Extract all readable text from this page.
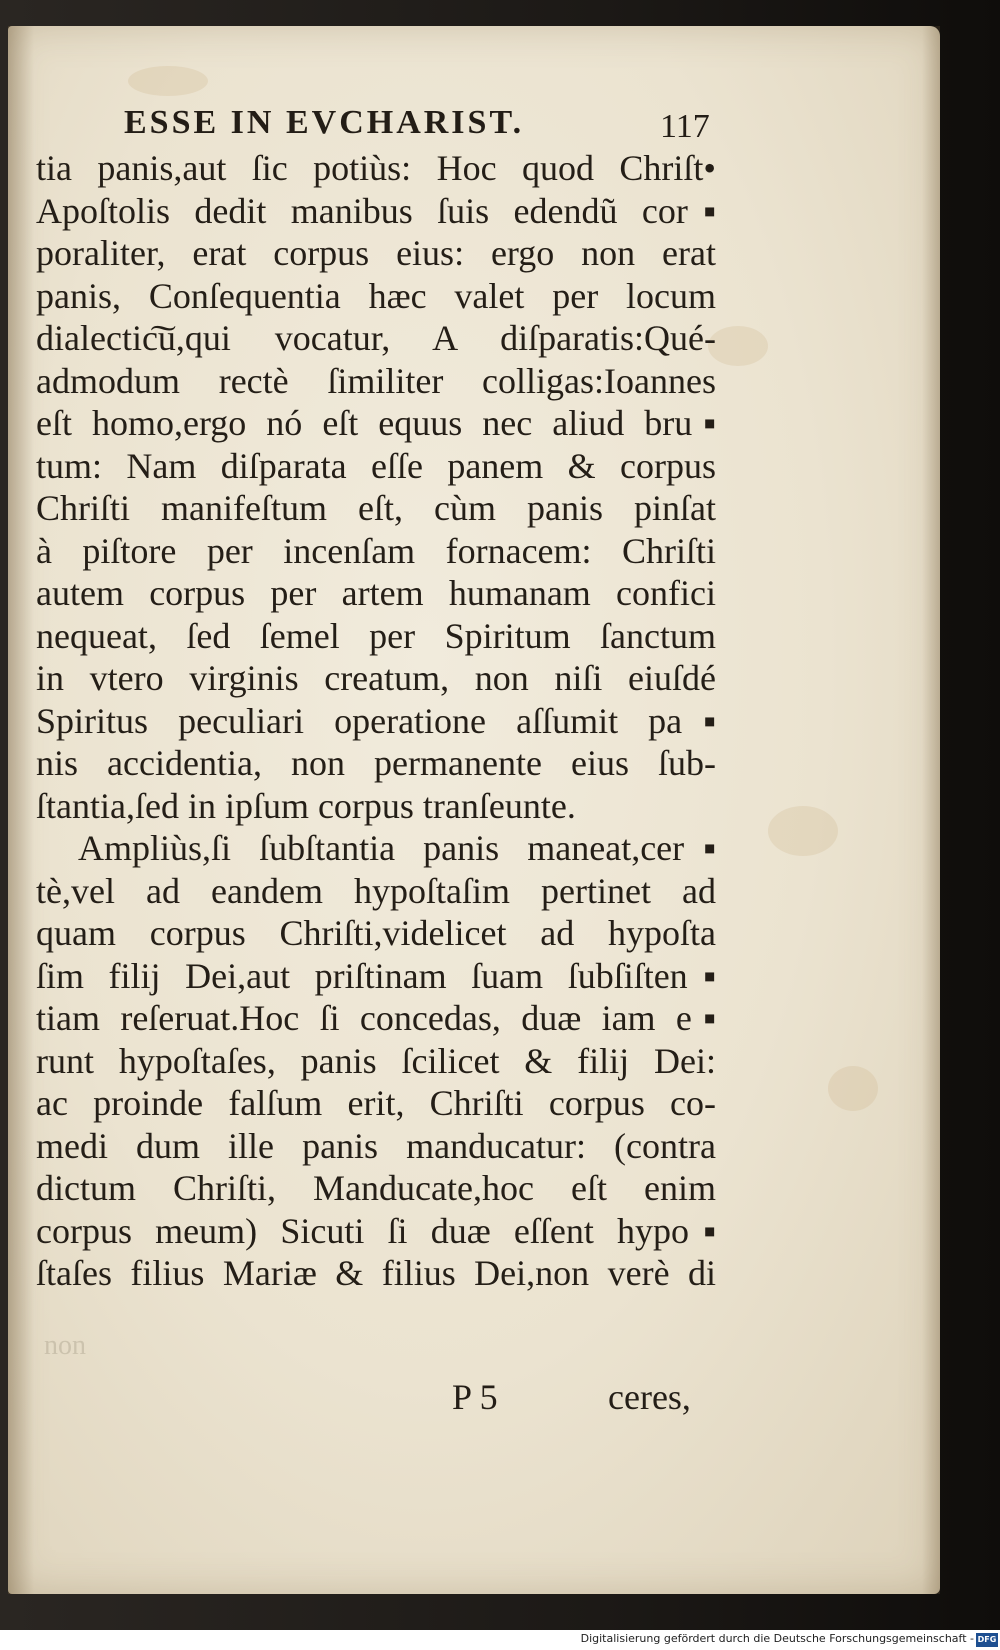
ESSE IN EVCHARIST.	117
tia panis,aut ſic potiùs: Hoc quod Chriſt•
Apoſtolis dedit manibus ſuis edendũ cor▪
poraliter, erat corpus eius: ergo non erat
panis, Conſequentia hæc valet per locum
dialectic͠u,qui vocatur, A diſparatis:Qué-
admodum rectè ſimiliter colligas:Ioannes
eſt homo,ergo nó eſt equus nec aliud bru▪
tum: Nam diſparata eſſe panem & corpus
Chriſti manifeſtum eſt, cùm panis pinſat
à piſtore per incenſam fornacem: Chriſti
autem corpus per artem humanam confici
nequeat, ſed ſemel per Spiritum ſanctum
in vtero virginis creatum, non niſi eiuſdé
Spiritus peculiari operatione aſſumit pa▪
nis accidentia, non permanente eius ſub-
ſtantia,ſed in ipſum corpus tranſeunte.
Ampliùs,ſi ſubſtantia panis maneat,cer▪
tè,vel ad eandem hypoſtaſim pertinet ad
quam corpus Chriſti,videlicet ad hypoſta
ſim filij Dei,aut priſtinam ſuam ſubſiſten▪
tiam reſeruat.Hoc ſi concedas, duæ iam e▪
runt hypoſtaſes, panis ſcilicet & filij Dei:
ac proinde falſum erit, Chriſti corpus co-
medi dum ille panis manducatur: (contra
dictum Chriſti, Manducate,hoc eſt enim
corpus meum) Sicuti ſi duæ eſſent hypo▪
ſtaſes filius Mariæ & filius Dei,non verè di
non
P 5	ceres,
Digitalisierung gefördert durch die Deutsche Forschungsgemeinschaft - DFG
